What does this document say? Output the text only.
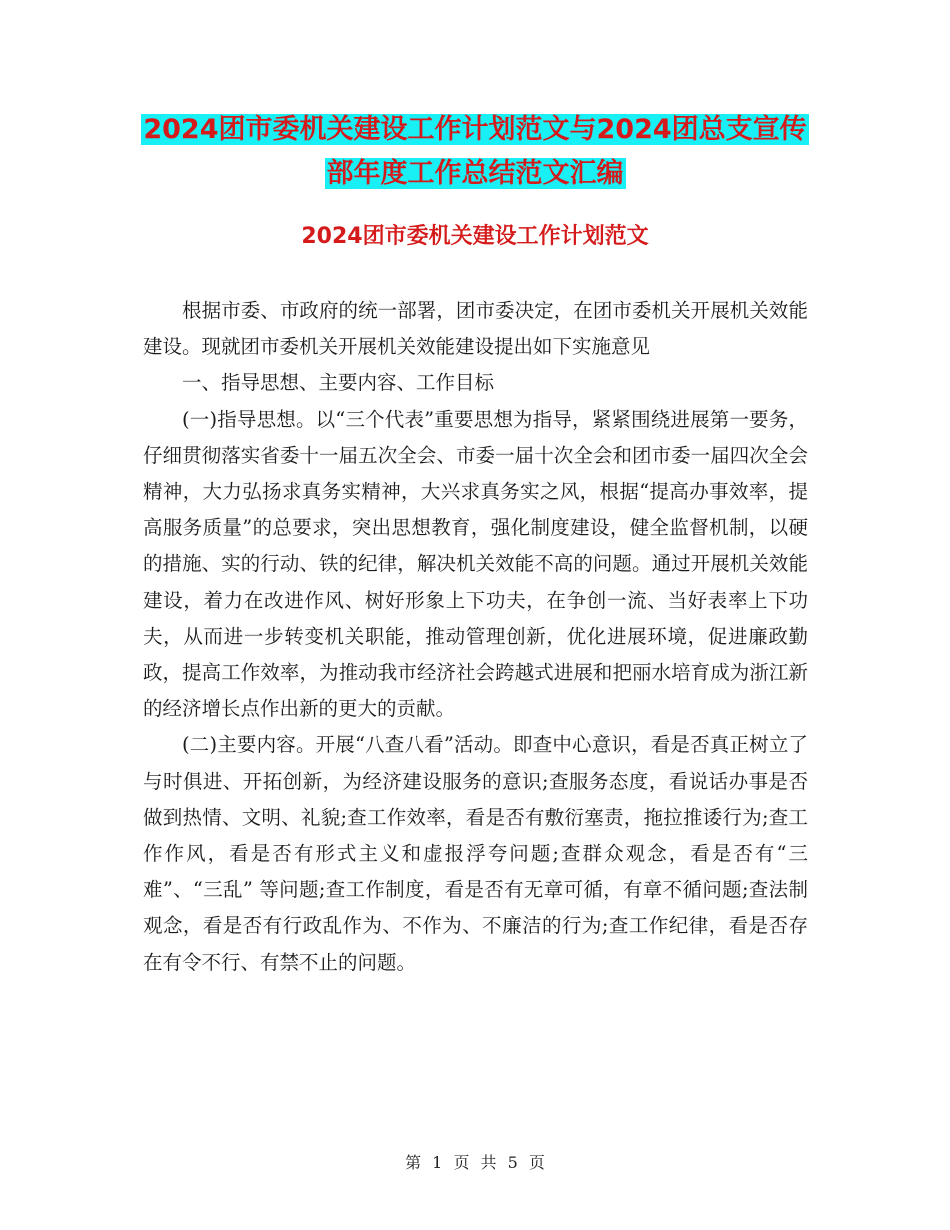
2024团市委机关建设工作计划范文与2024团总支宣传
部年度工作总结范文汇编
2024团市委机关建设工作计划范文

根据市委、市政府的统一部署，团市委决定，在团市委机关开展机关效能建设。现就团市委机关开展机关效能建设提出如下实施意见

一、指导思想、主要内容、工作目标

(一)指导思想。以“三个代表”重要思想为指导，紧紧围绕进展第一要务，仔细贯彻落实省委十一届五次全会、市委一届十次全会和团市委一届四次全会精神，大力弘扬求真务实精神，大兴求真务实之风，根据“提高办事效率，提高服务质量”的总要求，突出思想教育，强化制度建设，健全监督机制，以硬的措施、实的行动、铁的纪律，解决机关效能不高的问题。通过开展机关效能建设，着力在改进作风、树好形象上下功夫，在争创一流、当好表率上下功夫，从而进一步转变机关职能，推动管理创新，优化进展环境，促进廉政勤政，提高工作效率，为推动我市经济社会跨越式进展和把丽水培育成为浙江新的经济增长点作出新的更大的贡献。

(二)主要内容。开展“八查八看”活动。即查中心意识，看是否真正树立了与时俱进、开拓创新，为经济建设服务的意识;查服务态度，看说话办事是否做到热情、文明、礼貌;查工作效率，看是否有敷衍塞责，拖拉推诿行为;查工作作风，看是否有形式主义和虚报浮夸问题;查群众观念，看是否有“三难”、“三乱” 等问题;查工作制度，看是否有无章可循，有章不循问题;查法制观念，看是否有行政乱作为、不作为、不廉洁的行为;查工作纪律，看是否存在有令不行、有禁不止的问题。

第 1 页 共 5 页
